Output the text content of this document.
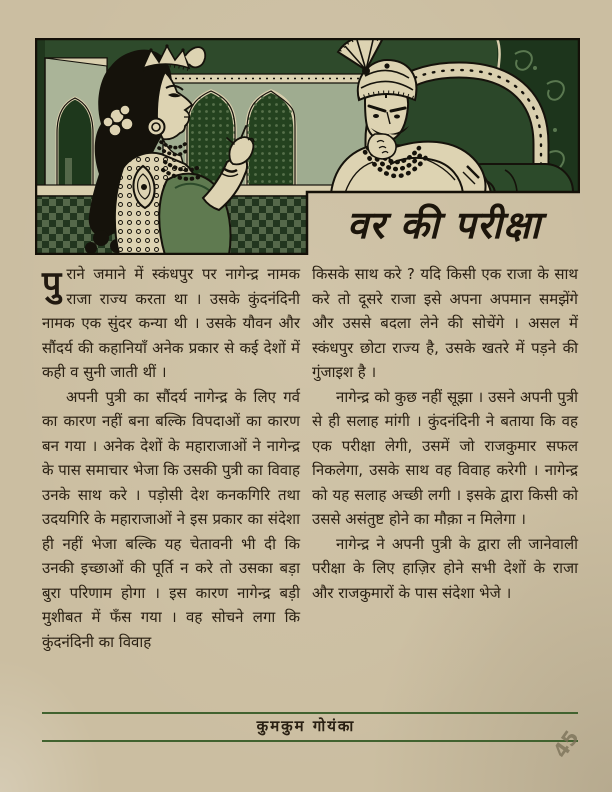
वर की परीक्षा

पुराने जमाने में स्कंधपुर पर नागेन्द्र नामक राजा राज्य करता था । उसके कुंदनंदिनी नामक एक सुंदर कन्या थी । उसके यौवन और सौंदर्य की कहानियाँ अनेक प्रकार से कई देशों में कही व सुनी जाती थीं ।

अपनी पुत्री का सौंदर्य नागेन्द्र के लिए गर्व का कारण नहीं बना बल्कि विपदाओं का कारण बन गया । अनेक देशों के महाराजाओं ने नागेन्द्र के पास समाचार भेजा कि उसकी पुत्री का विवाह उनके साथ करे । पड़ोसी देश कनकगिरि तथा उदयगिरि के महाराजाओं ने इस प्रकार का संदेशा ही नहीं भेजा बल्कि यह चेतावनी भी दी कि उनकी इच्छाओं की पूर्ति न करे तो उसका बड़ा बुरा परिणाम होगा । इस कारण नागेन्द्र बड़ी मुशीबत में फँस गया । वह सोचने लगा कि कुंदनंदिनी का विवाह

किसके साथ करे ? यदि किसी एक राजा के साथ करे तो दूसरे राजा इसे अपना अपमान समझेंगे और उससे बदला लेने की सोचेंगे । असल में स्कंधपुर छोटा राज्य है, उसके खतरे में पड़ने की गुंजाइश है ।

नागेन्द्र को कुछ नहीं सूझा । उसने अपनी पुत्री से ही सलाह मांगी । कुंदनंदिनी ने बताया कि वह एक परीक्षा लेगी, उसमें जो राजकुमार सफल निकलेगा, उसके साथ वह विवाह करेगी । नागेन्द्र को यह सलाह अच्छी लगी । इसके द्वारा किसी को उससे असंतुष्ट होने का मौक़ा न मिलेगा ।

नागेन्द्र ने अपनी पुत्री के द्वारा ली जानेवाली परीक्षा के लिए हाज़िर होने सभी देशों के राजा और राजकुमारों के पास संदेशा भेजे ।

कुमकुम गोयंका	45
